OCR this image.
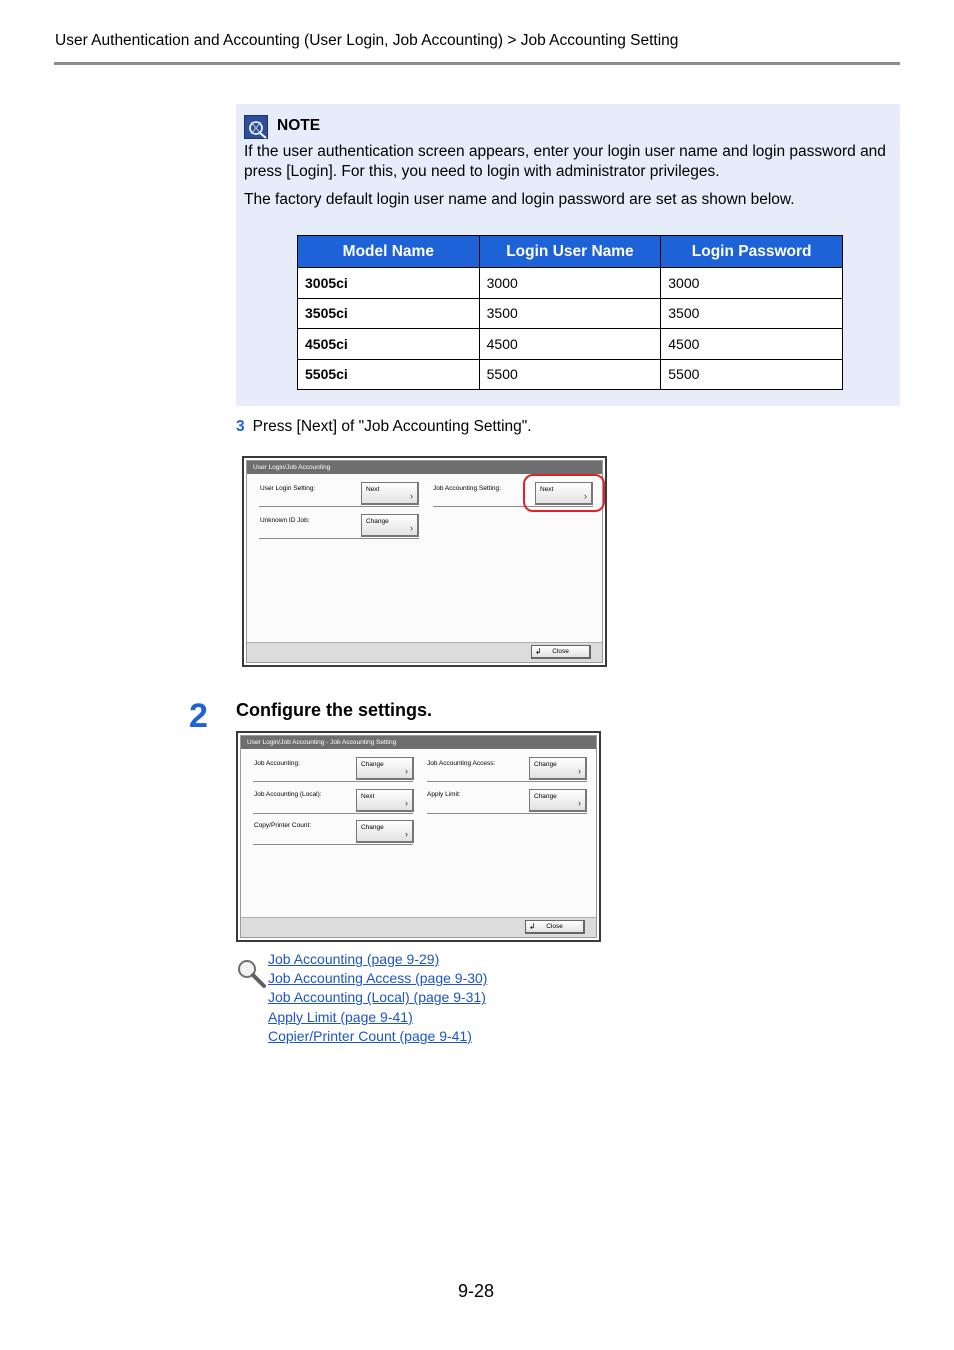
User Authentication and Accounting (User Login, Job Accounting) > Job Accounting Setting
NOTE
If the user authentication screen appears, enter your login user name and login password and press [Login]. For this, you need to login with administrator privileges.
The factory default login user name and login password are set as shown below.
Model Name	Login User Name	Login Password
3005ci	3000	3000
3505ci	3500	3500
4505ci	4500	4500
5505ci	5500	5500
3 Press [Next] of "Job Accounting Setting".
User Login/Job Accounting
User Login Setting:	Next
›
Job Accounting Setting:	Next
›
Unknown ID Job:	Change
›
↲ Close
2 Configure the settings.
User Login/Job Accounting - Job Accounting Setting
Job Accounting:	Change
›
Job Accounting Access:	Change
›
Job Accounting (Local):	Next
›
Apply Limit:	Change
›
Copy/Printer Count:	Change
›
↲ Close
Job Accounting (page 9-29)
Job Accounting Access (page 9-30)
Job Accounting (Local) (page 9-31)
Apply Limit (page 9-41)
Copier/Printer Count (page 9-41)
9-28
